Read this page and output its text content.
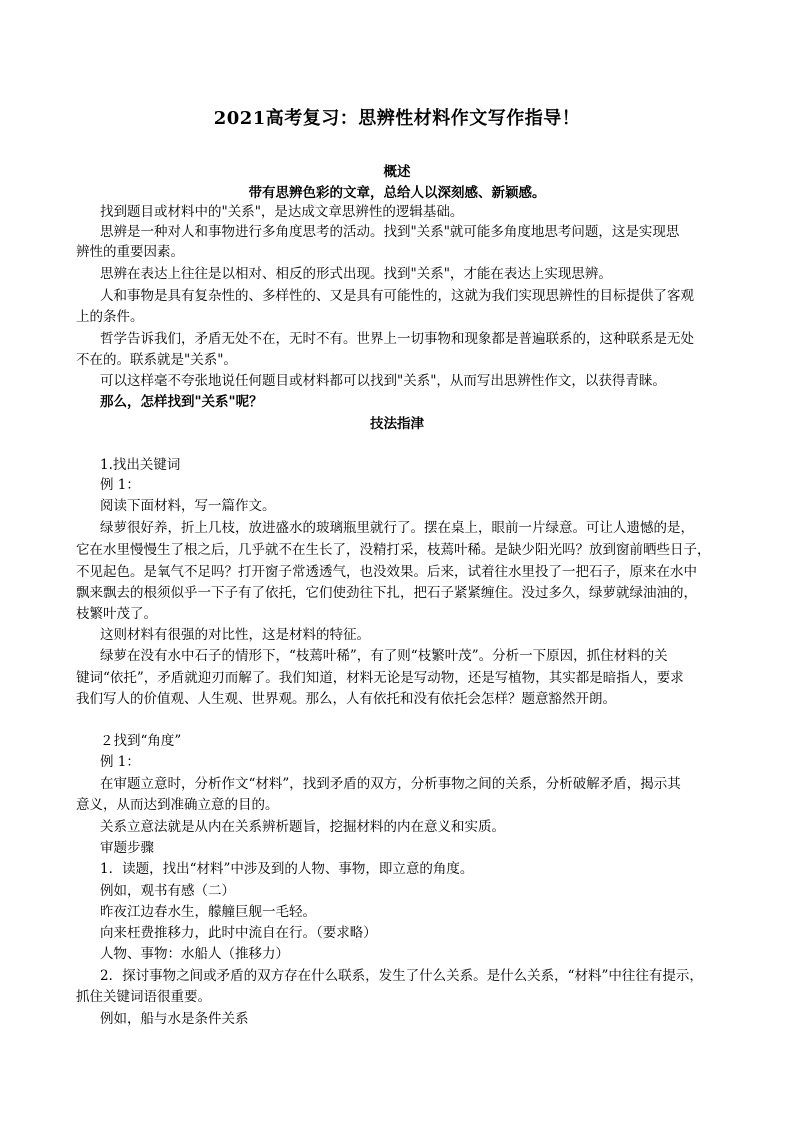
2021高考复习：思辨性材料作文写作指导！
概述
带有思辨色彩的文章，总给人以深刻感、新颖感。
找到题目或材料中的"关系"，是达成文章思辨性的逻辑基础。
思辨是一种对人和事物进行多角度思考的活动。找到"关系"就可能多角度地思考问题，这是实现思
辨性的重要因素。
思辨在表达上往往是以相对、相反的形式出现。找到"关系"，才能在表达上实现思辨。
人和事物是具有复杂性的、多样性的、又是具有可能性的，这就为我们实现思辨性的目标提供了客观
上的条件。
哲学告诉我们，矛盾无处不在，无时不有。世界上一切事物和现象都是普遍联系的，这种联系是无处
不在的。联系就是"关系"。
可以这样毫不夸张地说任何题目或材料都可以找到"关系"，从而写出思辨性作文，以获得青睐。
那么，怎样找到"关系"呢？
技法指津
1.找出关键词
例 1：
阅读下面材料，写一篇作文。
绿萝很好养，折上几枝，放进盛水的玻璃瓶里就行了。摆在桌上，眼前一片绿意。可让人遗憾的是，
它在水里慢慢生了根之后，几乎就不在生长了，没精打采，枝蔫叶稀。是缺少阳光吗？放到窗前晒些日子，
不见起色。是氧气不足吗？打开窗子常透透气，也没效果。后来，试着往水里投了一把石子，原来在水中
飘来飘去的根须似乎一下子有了依托，它们使劲往下扎，把石子紧紧缠住。没过多久，绿萝就绿油油的，
枝繁叶茂了。
这则材料有很强的对比性，这是材料的特征。
绿萝在没有水中石子的情形下，“枝蔫叶稀”，有了则“枝繁叶茂”。分析一下原因，抓住材料的关
键词“依托”，矛盾就迎刃而解了。我们知道，材料无论是写动物，还是写植物，其实都是暗指人，要求
我们写人的价值观、人生观、世界观。那么，人有依托和没有依托会怎样？题意豁然开朗。
２找到“角度”
例 1：
在审题立意时，分析作文“材料”，找到矛盾的双方，分析事物之间的关系，分析破解矛盾，揭示其
意义，从而达到准确立意的目的。
关系立意法就是从内在关系辨析题旨，挖掘材料的内在意义和实质。
审题步骤
1．读题，找出“材料”中涉及到的人物、事物，即立意的角度。
例如，观书有感（二）
昨夜江边春水生，艨艟巨舰一毛轻。
向来枉费推移力，此时中流自在行。（要求略）
人物、事物：水船人（推移力）
2．探讨事物之间或矛盾的双方存在什么联系，发生了什么关系。是什么关系，“材料”中往往有提示，
抓住关键词语很重要。
例如，船与水是条件关系
